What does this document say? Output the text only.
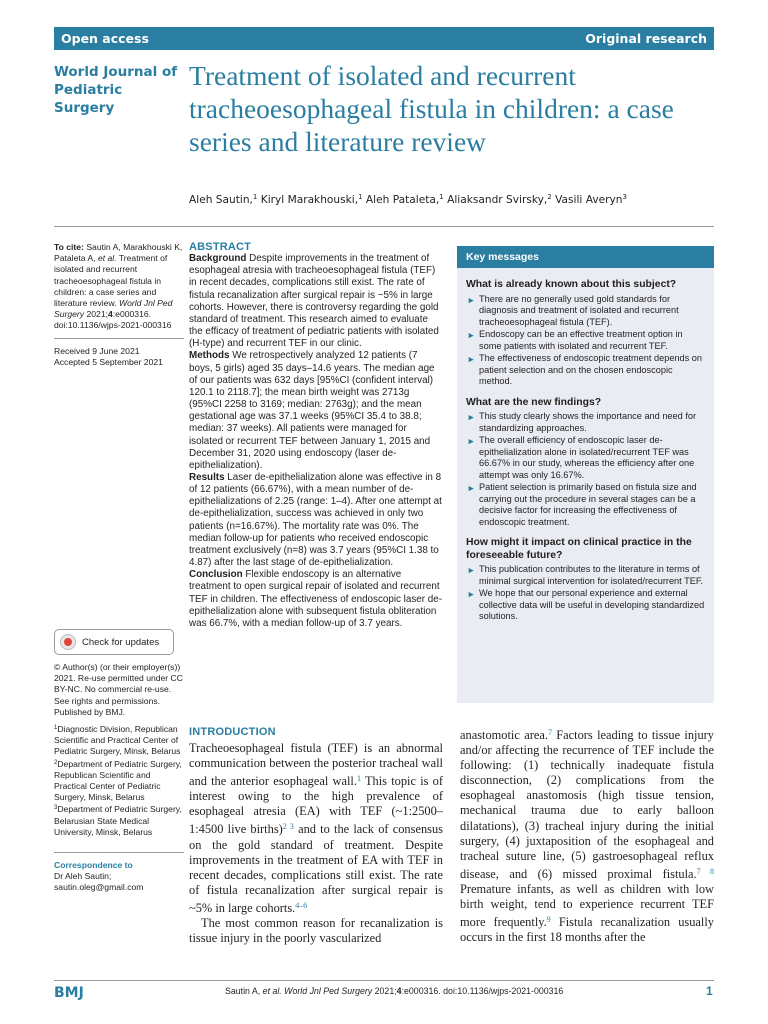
Open access	Original research
World Journal of Pediatric Surgery
Treatment of isolated and recurrent tracheoesophageal fistula in children: a case series and literature review
Aleh Sautin,$^1$ Kiryl Marakhouski,$^1$ Aleh Pataleta,$^1$ Aliaksandr Svirsky,$^2$ Vasili Averyn$^3$
To cite: Sautin A, Marakhouski K, Pataleta A, et al. Treatment of isolated and recurrent tracheoesophageal fistula in children: a case series and literature review. World Jnl Ped Surgery 2021;4:e000316. doi:10.1136/wjps-2021-000316
Received 9 June 2021
Accepted 5 September 2021
Check for updates
© Author(s) (or their employer(s)) 2021. Re-use permitted under CC BY-NC. No commercial re-use. See rights and permissions. Published by BMJ.
$^1$Diagnostic Division, Republican Scientific and Practical Center of Pediatric Surgery, Minsk, Belarus
$^2$Department of Pediatric Surgery, Republican Scientific and Practical Center of Pediatric Surgery, Minsk, Belarus
$^3$Department of Pediatric Surgery, Belarusian State Medical University, Minsk, Belarus
Correspondence to
Dr Aleh Sautin; sautin.oleg@gmail.com
ABSTRACT
Background Despite improvements in the treatment of esophageal atresia with tracheoesophageal fistula (TEF) in recent decades, complications still exist. The rate of fistula recanalization after surgical repair is ~5% in large cohorts. However, there is controversy regarding the gold standard of treatment. This research aimed to evaluate the efficacy of treatment of pediatric patients with isolated (H-type) and recurrent TEF in our clinic.
Methods We retrospectively analyzed 12 patients (7 boys, 5 girls) aged 35 days–14.6 years. The median age of our patients was 632 days [95%CI (confident interval) 120.1 to 2118.7]; the mean birth weight was 2713g (95%CI 2258 to 3169; median: 2763g); and the mean gestational age was 37.1 weeks (95%CI 35.4 to 38.8; median: 37 weeks). All patients were managed for isolated or recurrent TEF between January 1, 2015 and December 31, 2020 using endoscopy (laser de-epithelialization).
Results Laser de-epithelialization alone was effective in 8 of 12 patients (66.67%), with a mean number of de-epithelializations of 2.25 (range: 1–4). After one attempt at de-epithelialization, success was achieved in only two patients (n=16.67%). The mortality rate was 0%. The median follow-up for patients who received endoscopic treatment exclusively (n=8) was 3.7 years (95%CI 1.38 to 4.87) after the last stage of de-epithelialization.
Conclusion Flexible endoscopy is an alternative treatment to open surgical repair of isolated and recurrent TEF in children. The effectiveness of endoscopic laser de-epithelialization alone with subsequent fistula obliteration was 66.7%, with a median follow-up of 3.7 years.
Key messages
What is already known about this subject?
► There are no generally used gold standards for diagnosis and treatment of isolated and recurrent tracheoesophageal fistula (TEF).
► Endoscopy can be an effective treatment option in some patients with isolated and recurrent TEF.
► The effectiveness of endoscopic treatment depends on patient selection and on the chosen endoscopic method.
What are the new findings?
► This study clearly shows the importance and need for standardizing approaches.
► The overall efficiency of endoscopic laser de-epithelialization alone in isolated/recurrent TEF was 66.67% in our study, whereas the efficiency after one attempt was only 16.67%.
► Patient selection is primarily based on fistula size and carrying out the procedure in several stages can be a decisive factor for increasing the effectiveness of endoscopic treatment.
How might it impact on clinical practice in the foreseeable future?
► This publication contributes to the literature in terms of minimal surgical intervention for isolated/recurrent TEF.
► We hope that our personal experience and external collective data will be useful in developing standardized solutions.
INTRODUCTION

Tracheoesophageal fistula (TEF) is an abnormal communication between the posterior tracheal wall and the anterior esophageal wall.$^1$ This topic is of interest owing to the high prevalence of esophageal atresia (EA) with TEF (~1:2500–1:4500 live births)$^{2 3}$ and to the lack of consensus on the gold standard of treatment. Despite improvements in the treatment of EA with TEF in recent decades, complications still exist. The rate of fistula recanalization after surgical repair is ~5% in large cohorts.$^{4-6}$

The most common reason for recanalization is tissue injury in the poorly vascularized

anastomotic area.$^7$ Factors leading to tissue injury and/or affecting the recurrence of TEF include the following: (1) technically inadequate fistula disconnection, (2) complications from the esophageal anastomosis (high tissue tension, mechanical trauma due to early balloon dilatations), (3) tracheal injury during the initial surgery, (4) juxtaposition of the esophageal and tracheal suture line, (5) gastroesophageal reflux disease, and (6) missed proximal fistula.$^{7 8}$ Premature infants, as well as children with low birth weight, tend to experience recurrent TEF more frequently.$^9$ Fistula recanalization usually occurs in the first 18 months after the

BMJ	Sautin A, et al. World Jnl Ped Surgery 2021;4:e000316. doi:10.1136/wjps-2021-000316	1
